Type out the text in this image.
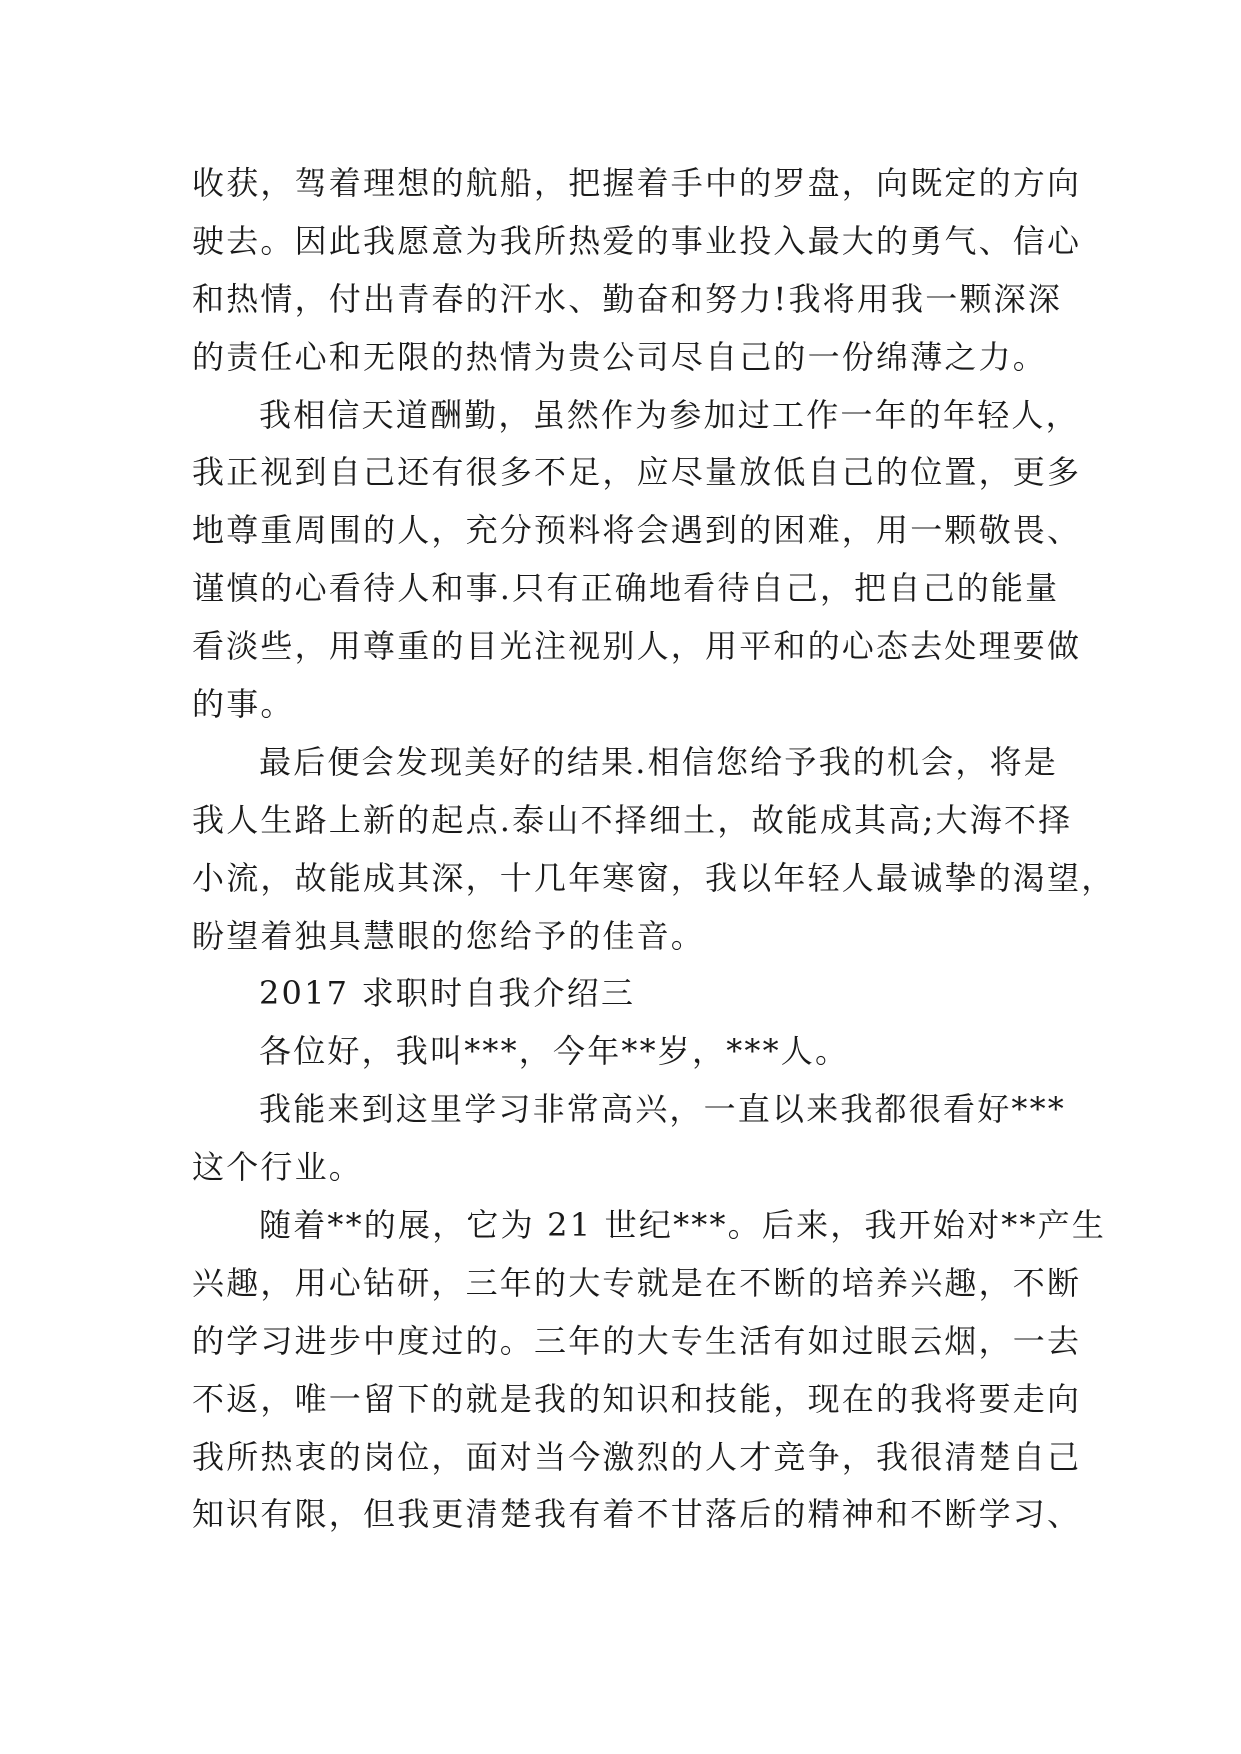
收获，驾着理想的航船，把握着手中的罗盘，向既定的方向
驶去。因此我愿意为我所热爱的事业投入最大的勇气、信心
和热情，付出青春的汗水、勤奋和努力!我将用我一颗深深
的责任心和无限的热情为贵公司尽自己的一份绵薄之力。
我相信天道酬勤，虽然作为参加过工作一年的年轻人，
我正视到自己还有很多不足，应尽量放低自己的位置，更多
地尊重周围的人，充分预料将会遇到的困难，用一颗敬畏、
谨慎的心看待人和事.只有正确地看待自己，把自己的能量
看淡些，用尊重的目光注视别人，用平和的心态去处理要做
的事。
最后便会发现美好的结果.相信您给予我的机会，将是
我人生路上新的起点.泰山不择细土，故能成其高;大海不择
小流，故能成其深，十几年寒窗，我以年轻人最诚挚的渴望，
盼望着独具慧眼的您给予的佳音。
2017 求职时自我介绍三
各位好，我叫***，今年**岁，***人。
我能来到这里学习非常高兴，一直以来我都很看好***
这个行业。
随着**的展，它为 21 世纪***。后来，我开始对**产生
兴趣，用心钻研，三年的大专就是在不断的培养兴趣，不断
的学习进步中度过的。三年的大专生活有如过眼云烟，一去
不返，唯一留下的就是我的知识和技能，现在的我将要走向
我所热衷的岗位，面对当今激烈的人才竞争，我很清楚自己
知识有限，但我更清楚我有着不甘落后的精神和不断学习、
